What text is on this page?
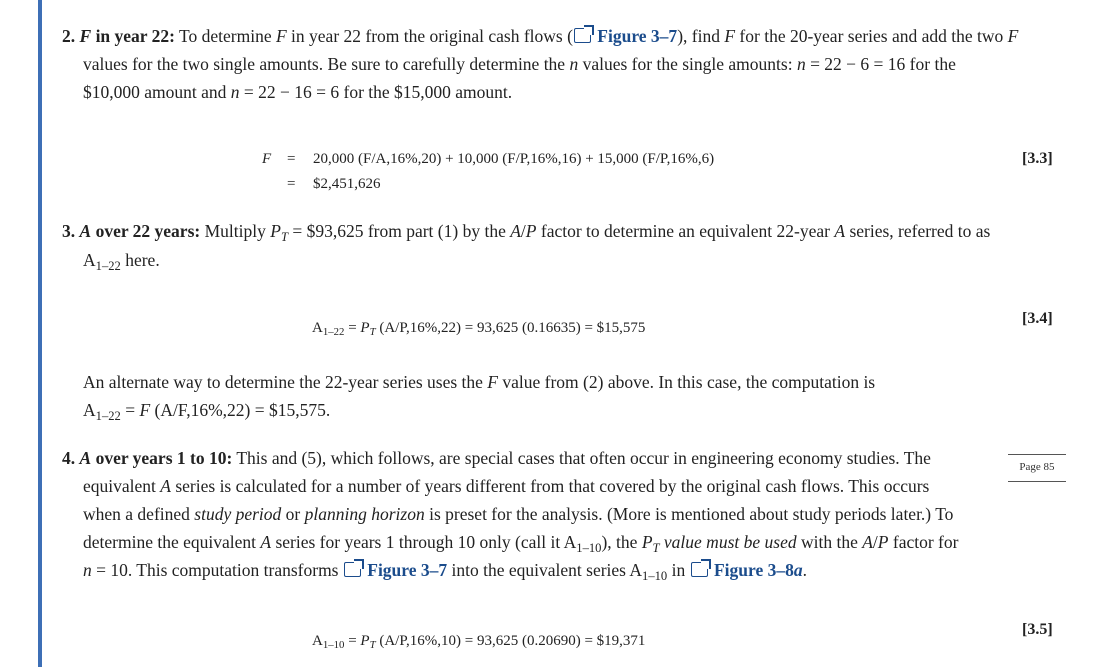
2. F in year 22: To determine F in year 22 from the original cash flows ( Figure 3–7), find F for the 20-year series and add the two F
values for the two single amounts. Be sure to carefully determine the n values for the single amounts: n = 22 − 6 = 16 for the
$10,000 amount and n = 22 − 16 = 6 for the $15,000 amount.
F = 20,000 (F/A,16%,20) + 10,000 (F/P,16%,16) + 15,000 (F/P,16%,6)
= $2,451,626
[3.3]
3. A over 22 years: Multiply $P_T$ = $93,625 from part (1) by the A/P factor to determine an equivalent 22-year A series, referred to as
$A_{1-22}$ here.
$A_{1-22} = P_T$ (A/P,16%,22) = 93,625 (0.16635) = $15,575
[3.4]
An alternate way to determine the 22-year series uses the F value from (2) above. In this case, the computation is
$A_{1-22} = F$ (A/F,16%,22) = $15,575.
4. A over years 1 to 10: This and (5), which follows, are special cases that often occur in engineering economy studies. The
equivalent A series is calculated for a number of years different from that covered by the original cash flows. This occurs
when a defined study period or planning horizon is preset for the analysis. (More is mentioned about study periods later.) To
determine the equivalent A series for years 1 through 10 only (call it $A_{1-10}$), the $P_T$ value must be used with the A/P factor for
n = 10. This computation transforms  Figure 3–7 into the equivalent series $A_{1-10}$ in  Figure 3–8a.
Page 85
$A_{1-10} = P_T$ (A/P,16%,10) = 93,625 (0.20690) = $19,371
[3.5]
